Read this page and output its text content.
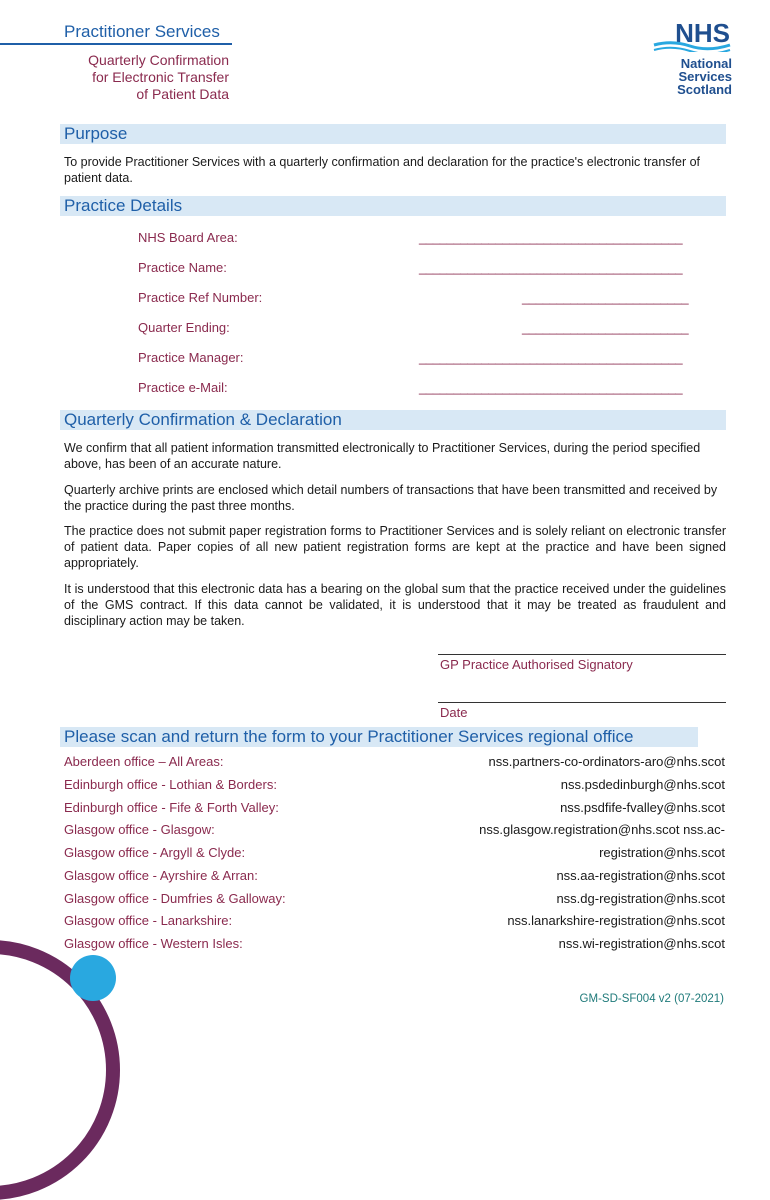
Practitioner Services
Quarterly Confirmation
for Electronic Transfer
of Patient Data
NHS
National
Services
Scotland
Purpose
To provide Practitioner Services with a quarterly confirmation and declaration for the practice's electronic transfer of patient data.
Practice Details
NHS Board Area:	______________________________________
Practice Name:	______________________________________
Practice Ref Number:	________________________
Quarter Ending:	________________________
Practice Manager:	______________________________________
Practice e-Mail:	______________________________________
Quarterly Confirmation & Declaration
We confirm that all patient information transmitted electronically to Practitioner Services, during the period specified above, has been of an accurate nature.
Quarterly archive prints are enclosed which detail numbers of transactions that have been transmitted and received by the practice during the past three months.
The practice does not submit paper registration forms to Practitioner Services and is solely reliant on electronic transfer of patient data. Paper copies of all new patient registration forms are kept at the practice and have been signed appropriately.
It is understood that this electronic data has a bearing on the global sum that the practice received under the guidelines of the GMS contract. If this data cannot be validated, it is understood that it may be treated as fraudulent and disciplinary action may be taken.
GP Practice Authorised Signatory
Date
Please scan and return the form to your Practitioner Services regional office
Aberdeen office – All Areas:	nss.partners-co-ordinators-aro@nhs.scot
Edinburgh office - Lothian & Borders:	nss.psdedinburgh@nhs.scot
Edinburgh office - Fife & Forth Valley:	nss.psdfife-fvalley@nhs.scot
Glasgow office - Glasgow:	nss.glasgow.registration@nhs.scot nss.ac-
Glasgow office - Argyll & Clyde:	registration@nhs.scot
Glasgow office - Ayrshire & Arran:	nss.aa-registration@nhs.scot
Glasgow office - Dumfries & Galloway:	nss.dg-registration@nhs.scot
Glasgow office - Lanarkshire:	nss.lanarkshire-registration@nhs.scot
Glasgow office - Western Isles:	nss.wi-registration@nhs.scot
GM-SD-SF004 v2 (07-2021)
